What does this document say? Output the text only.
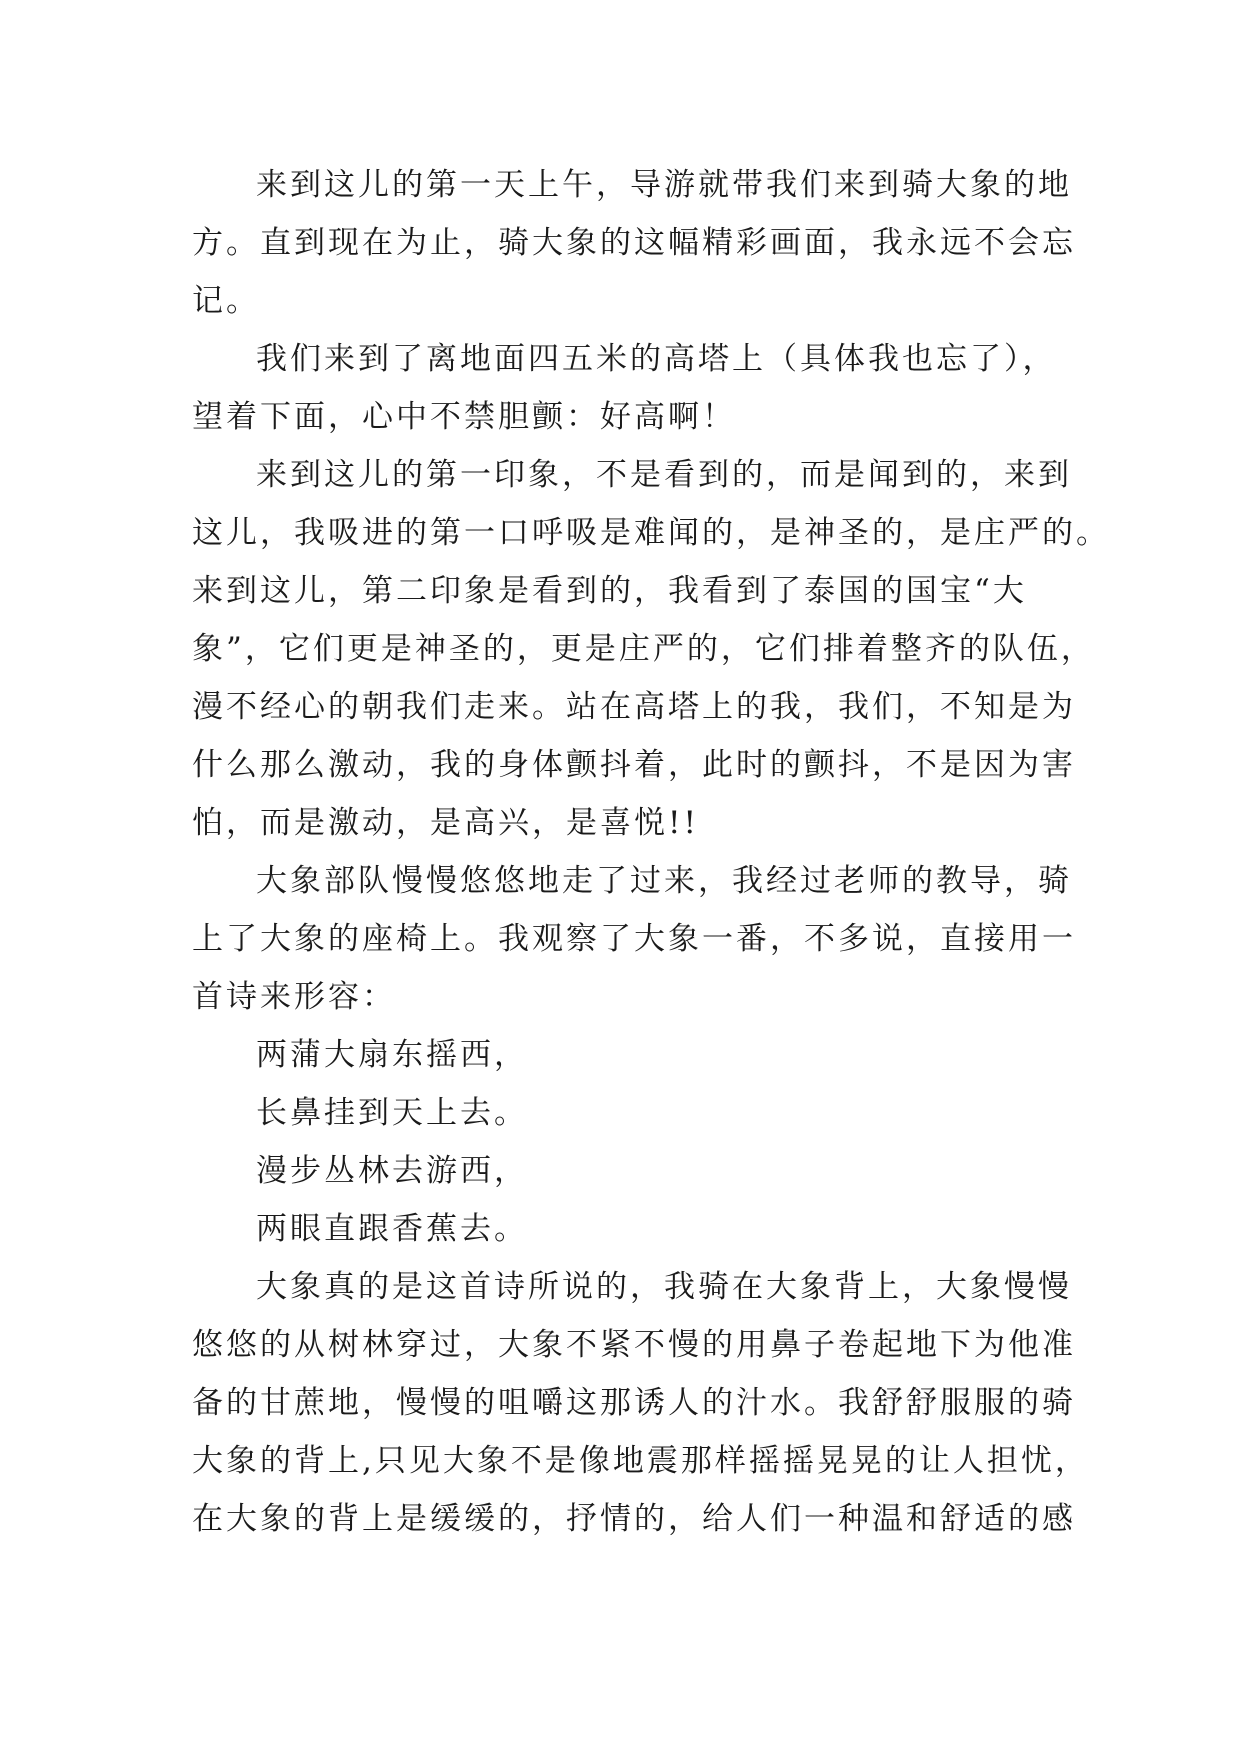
来到这儿的第一天上午，导游就带我们来到骑大象的地
方。直到现在为止，骑大象的这幅精彩画面，我永远不会忘
记。
我们来到了离地面四五米的高塔上（具体我也忘了），
望着下面，心中不禁胆颤：好高啊！
来到这儿的第一印象，不是看到的，而是闻到的，来到
这儿，我吸进的第一口呼吸是难闻的，是神圣的，是庄严的。
来到这儿，第二印象是看到的，我看到了泰国的国宝“大
象”，它们更是神圣的，更是庄严的，它们排着整齐的队伍，
漫不经心的朝我们走来。站在高塔上的我，我们，不知是为
什么那么激动，我的身体颤抖着，此时的颤抖，不是因为害
怕，而是激动，是高兴，是喜悦!!
大象部队慢慢悠悠地走了过来，我经过老师的教导，骑
上了大象的座椅上。我观察了大象一番，不多说，直接用一
首诗来形容：
两蒲大扇东摇西，
长鼻挂到天上去。
漫步丛林去游西，
两眼直跟香蕉去。
大象真的是这首诗所说的，我骑在大象背上，大象慢慢
悠悠的从树林穿过，大象不紧不慢的用鼻子卷起地下为他准
备的甘蔗地，慢慢的咀嚼这那诱人的汁水。我舒舒服服的骑
大象的背上,只见大象不是像地震那样摇摇晃晃的让人担忧，
在大象的背上是缓缓的，抒情的，给人们一种温和舒适的感
